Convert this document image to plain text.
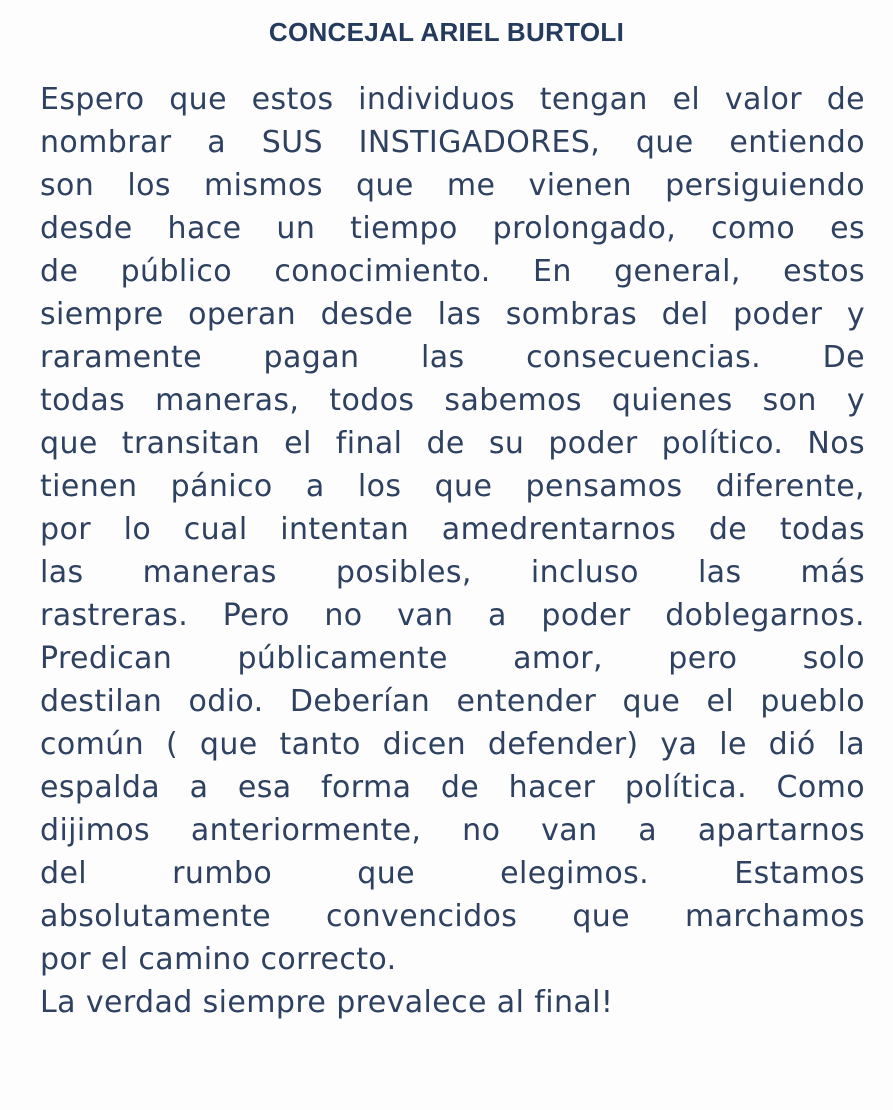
CONCEJAL ARIEL BURTOLI
Espero que estos individuos tengan el valor de
nombrar a SUS INSTIGADORES, que entiendo
son los mismos que me vienen persiguiendo
desde hace un tiempo prolongado, como es
de público conocimiento. En general, estos
siempre operan desde las sombras del poder y
raramente pagan las consecuencias. De
todas maneras, todos sabemos quienes son y
que transitan el final de su poder político. Nos
tienen pánico a los que pensamos diferente,
por lo cual intentan amedrentarnos de todas
las maneras posibles, incluso las más
rastreras. Pero no van a poder doblegarnos.
Predican públicamente amor, pero solo
destilan odio. Deberían entender que el pueblo
común ( que tanto dicen defender) ya le dió la
espalda a esa forma de hacer política. Como
dijimos anteriormente, no van a apartarnos
del rumbo que elegimos. Estamos
absolutamente convencidos que marchamos
por el camino correcto.
La verdad siempre prevalece al final!
